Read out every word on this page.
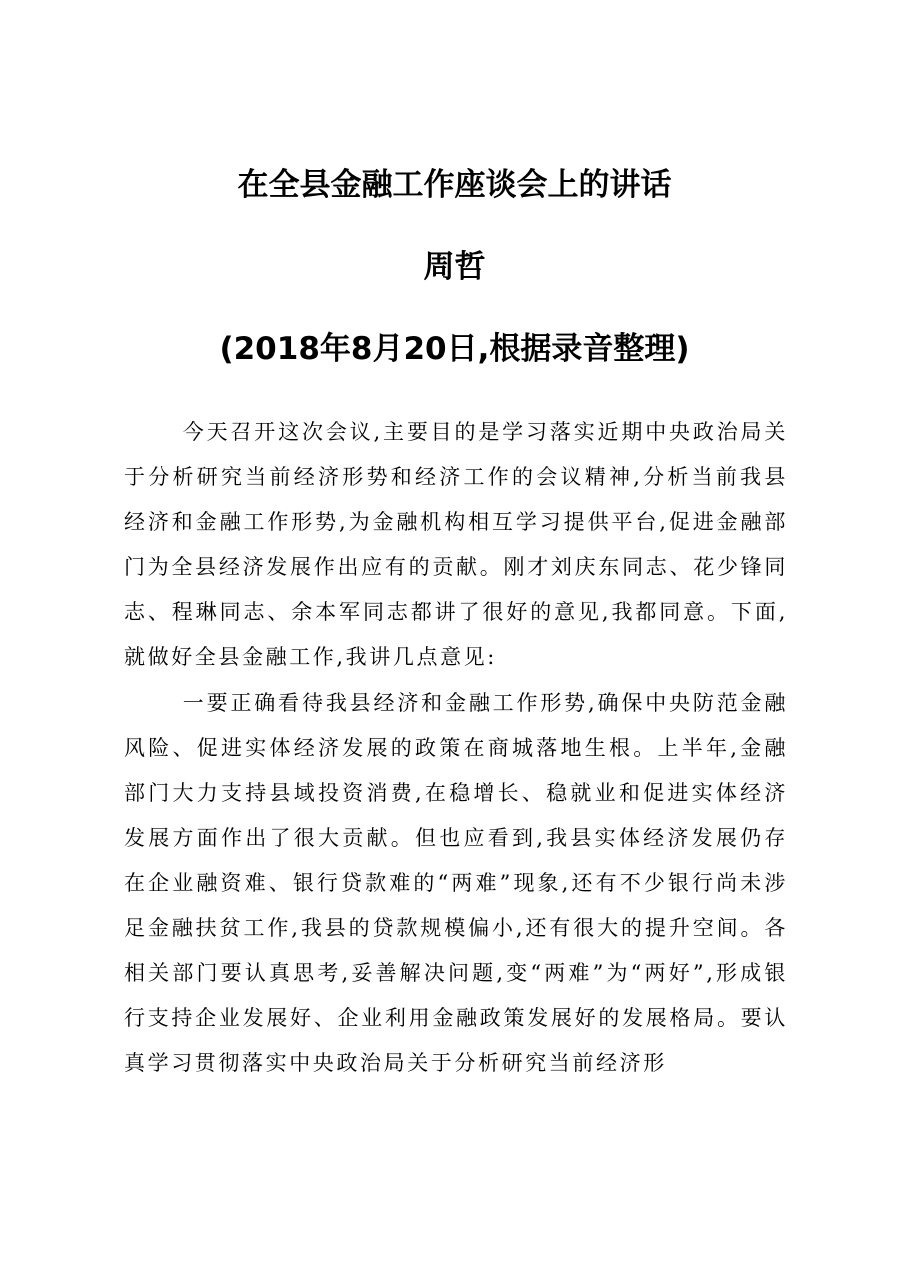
在全县金融工作座谈会上的讲话
周哲
(2018年8月20日,根据录音整理)

今天召开这次会议,主要目的是学习落实近期中央政治局关于分析研究当前经济形势和经济工作的会议精神,分析当前我县经济和金融工作形势,为金融机构相互学习提供平台,促进金融部门为全县经济发展作出应有的贡献。刚才刘庆东同志、花少锋同志、程琳同志、余本军同志都讲了很好的意见,我都同意。下面,就做好全县金融工作,我讲几点意见:

一要正确看待我县经济和金融工作形势,确保中央防范金融风险、促进实体经济发展的政策在商城落地生根。上半年,金融部门大力支持县域投资消费,在稳增长、稳就业和促进实体经济发展方面作出了很大贡献。但也应看到,我县实体经济发展仍存在企业融资难、银行贷款难的“两难”现象,还有不少银行尚未涉足金融扶贫工作,我县的贷款规模偏小,还有很大的提升空间。各相关部门要认真思考,妥善解决问题,变“两难”为“两好”,形成银行支持企业发展好、企业利用金融政策发展好的发展格局。要认真学习贯彻落实中央政治局关于分析研究当前经济形
